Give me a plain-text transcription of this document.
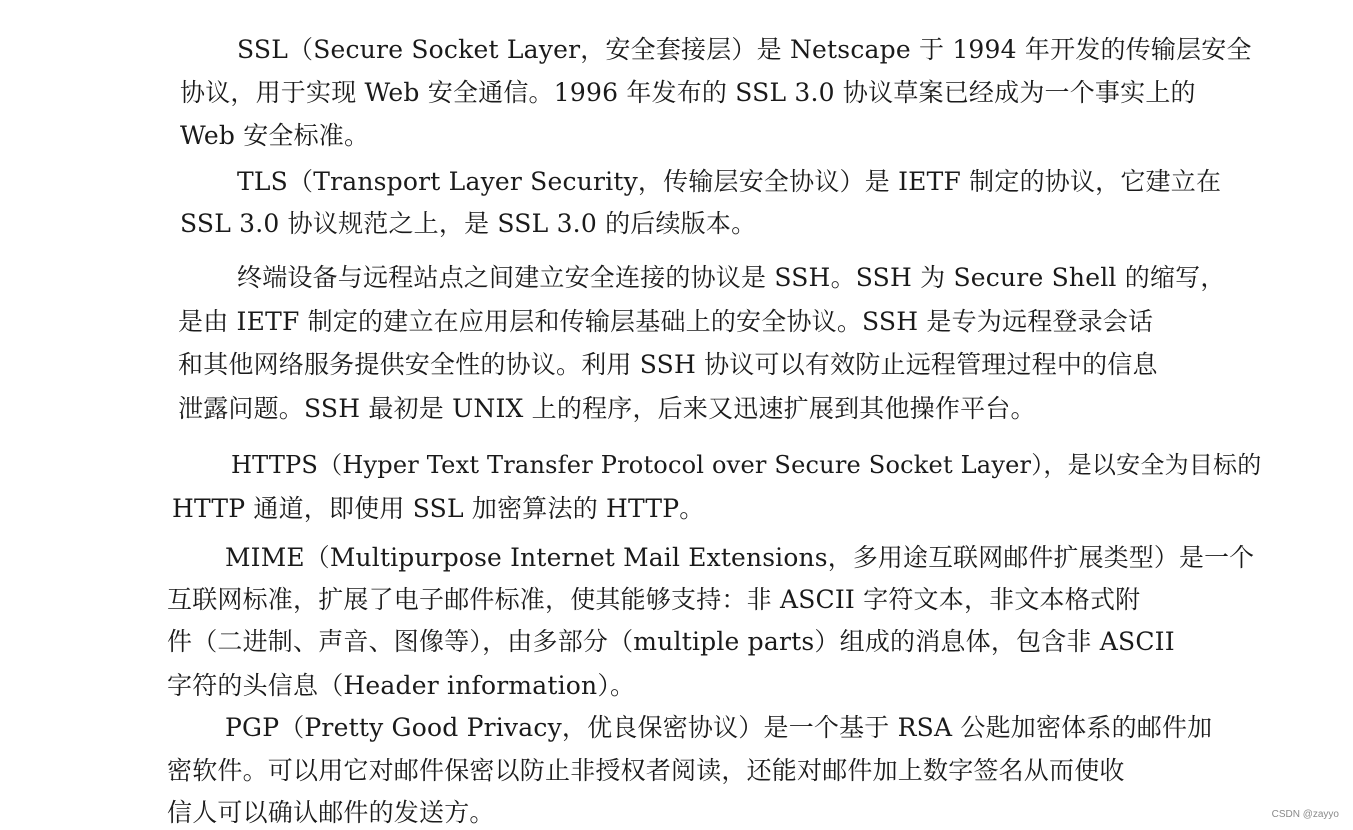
SSL（Secure Socket Layer，安全套接层）是 Netscape 于 1994 年开发的传输层安全
协议，用于实现 Web 安全通信。1996 年发布的 SSL 3.0 协议草案已经成为一个事实上的
Web 安全标准。
TLS（Transport Layer Security，传输层安全协议）是 IETF 制定的协议，它建立在
SSL 3.0 协议规范之上，是 SSL 3.0 的后续版本。
终端设备与远程站点之间建立安全连接的协议是 SSH。SSH 为 Secure Shell 的缩写，
是由 IETF 制定的建立在应用层和传输层基础上的安全协议。SSH 是专为远程登录会话
和其他网络服务提供安全性的协议。利用 SSH 协议可以有效防止远程管理过程中的信息
泄露问题。SSH 最初是 UNIX 上的程序，后来又迅速扩展到其他操作平台。
HTTPS（Hyper Text Transfer Protocol over Secure Socket Layer），是以安全为目标的
HTTP 通道，即使用 SSL 加密算法的 HTTP。
MIME（Multipurpose Internet Mail Extensions，多用途互联网邮件扩展类型）是一个
互联网标准，扩展了电子邮件标准，使其能够支持：非 ASCII 字符文本，非文本格式附
件（二进制、声音、图像等），由多部分（multiple parts）组成的消息体，包含非 ASCII
字符的头信息（Header information）。
PGP（Pretty Good Privacy，优良保密协议）是一个基于 RSA 公匙加密体系的邮件加
密软件。可以用它对邮件保密以防止非授权者阅读，还能对邮件加上数字签名从而使收
信人可以确认邮件的发送方。	CSDN @zayyo
